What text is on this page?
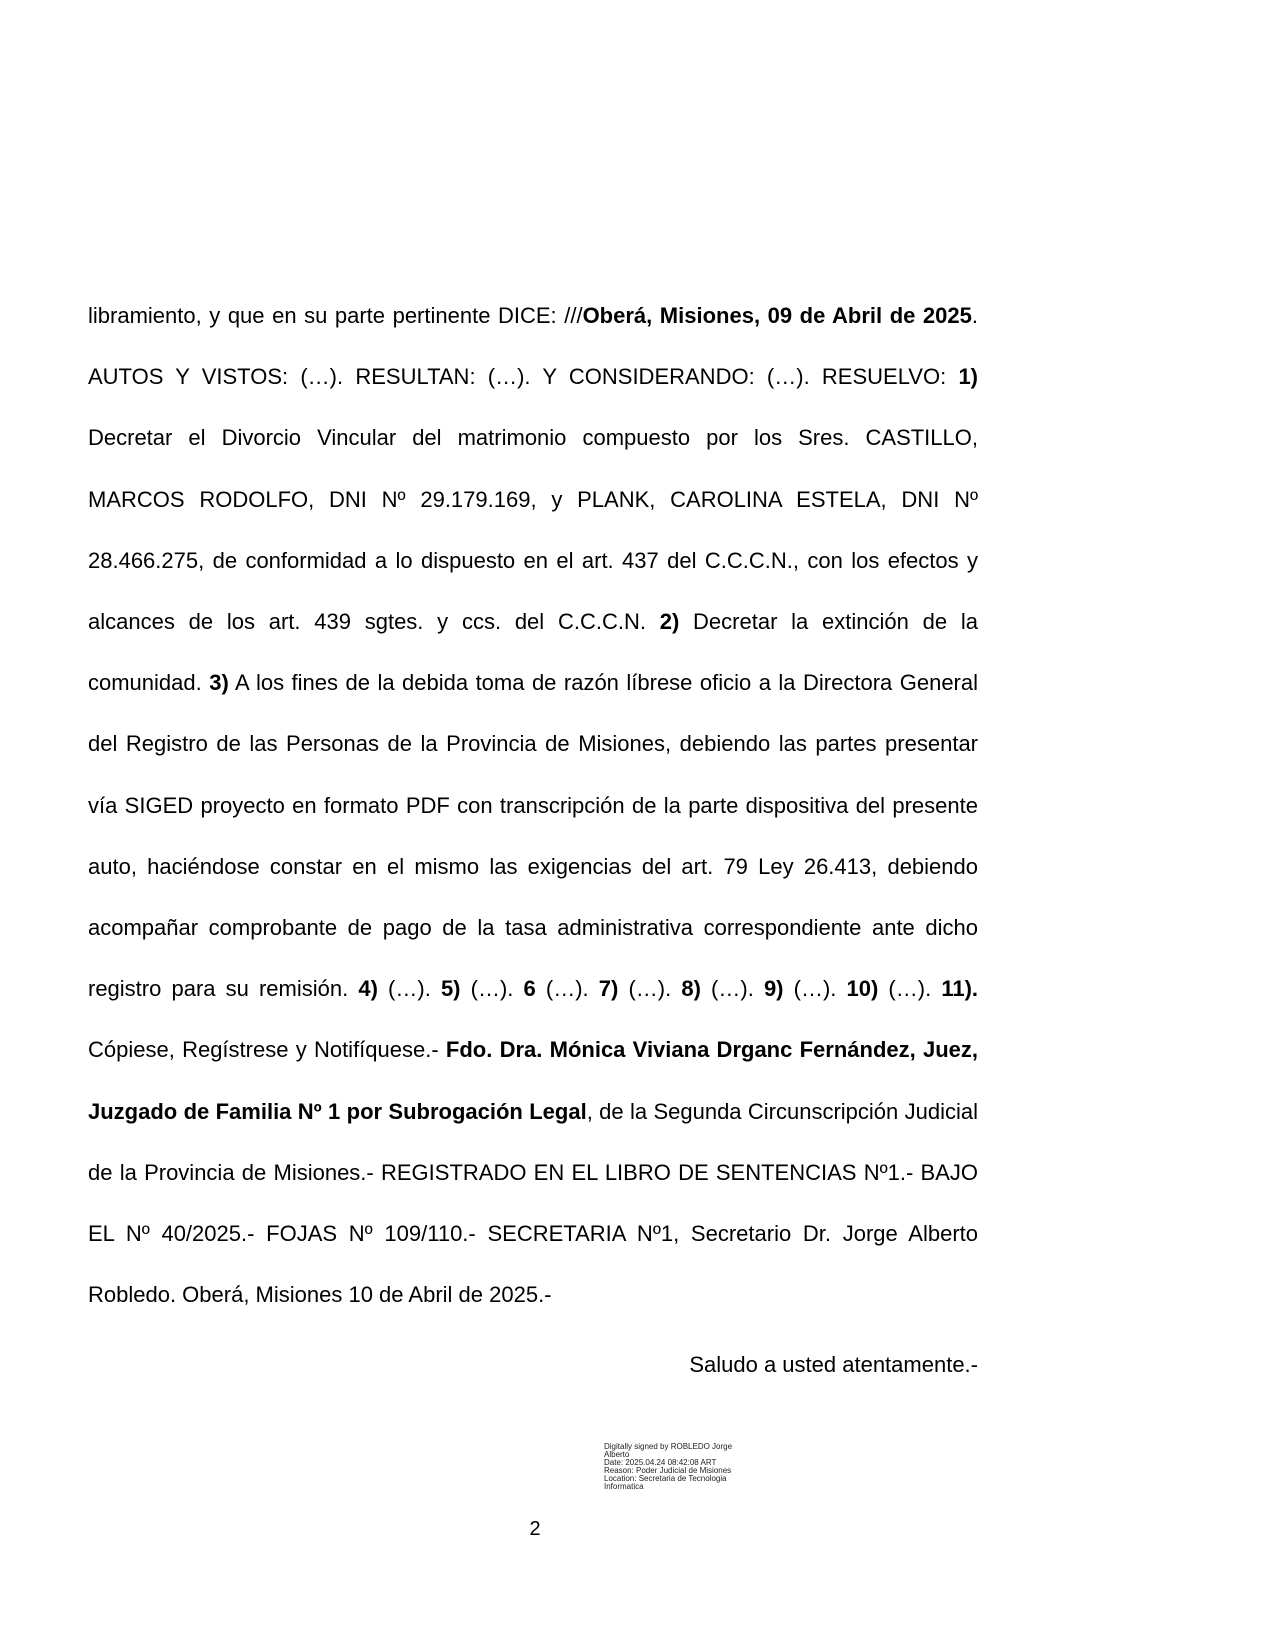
libramiento, y que en su parte pertinente DICE: ///Oberá, Misiones, 09 de Abril de 2025. AUTOS Y VISTOS: (…). RESULTAN: (…). Y CONSIDERANDO: (…). RESUELVO: 1) Decretar el Divorcio Vincular del matrimonio compuesto por los Sres. CASTILLO, MARCOS RODOLFO, DNI Nº 29.179.169, y PLANK, CAROLINA ESTELA, DNI Nº 28.466.275, de conformidad a lo dispuesto en el art. 437 del C.C.C.N., con los efectos y alcances de los art. 439 sgtes. y ccs. del C.C.C.N. 2) Decretar la extinción de la comunidad. 3) A los fines de la debida toma de razón líbrese oficio a la Directora General del Registro de las Personas de la Provincia de Misiones, debiendo las partes presentar vía SIGED proyecto en formato PDF con transcripción de la parte dispositiva del presente auto, haciéndose constar en el mismo las exigencias del art. 79 Ley 26.413, debiendo acompañar comprobante de pago de la tasa administrativa correspondiente ante dicho registro para su remisión. 4) (…). 5) (…). 6 (…). 7) (…). 8) (…). 9) (…). 10) (…). 11). Cópiese, Regístrese y Notifíquese.- Fdo. Dra. Mónica Viviana Drganc Fernández, Juez, Juzgado de Familia Nº 1 por Subrogación Legal, de la Segunda Circunscripción Judicial de la Provincia de Misiones.- REGISTRADO EN EL LIBRO DE SENTENCIAS Nº1.- BAJO EL Nº 40/2025.- FOJAS Nº 109/110.- SECRETARIA Nº1, Secretario Dr. Jorge Alberto Robledo. Oberá, Misiones 10 de Abril de 2025.-
Saludo a usted atentamente.-
Digitally signed by ROBLEDO Jorge
Alberto
Date: 2025.04.24 08:42:08 ART
Reason: Poder Judicial de Misiones
Location: Secretaria de Tecnologia
Informatica
2
